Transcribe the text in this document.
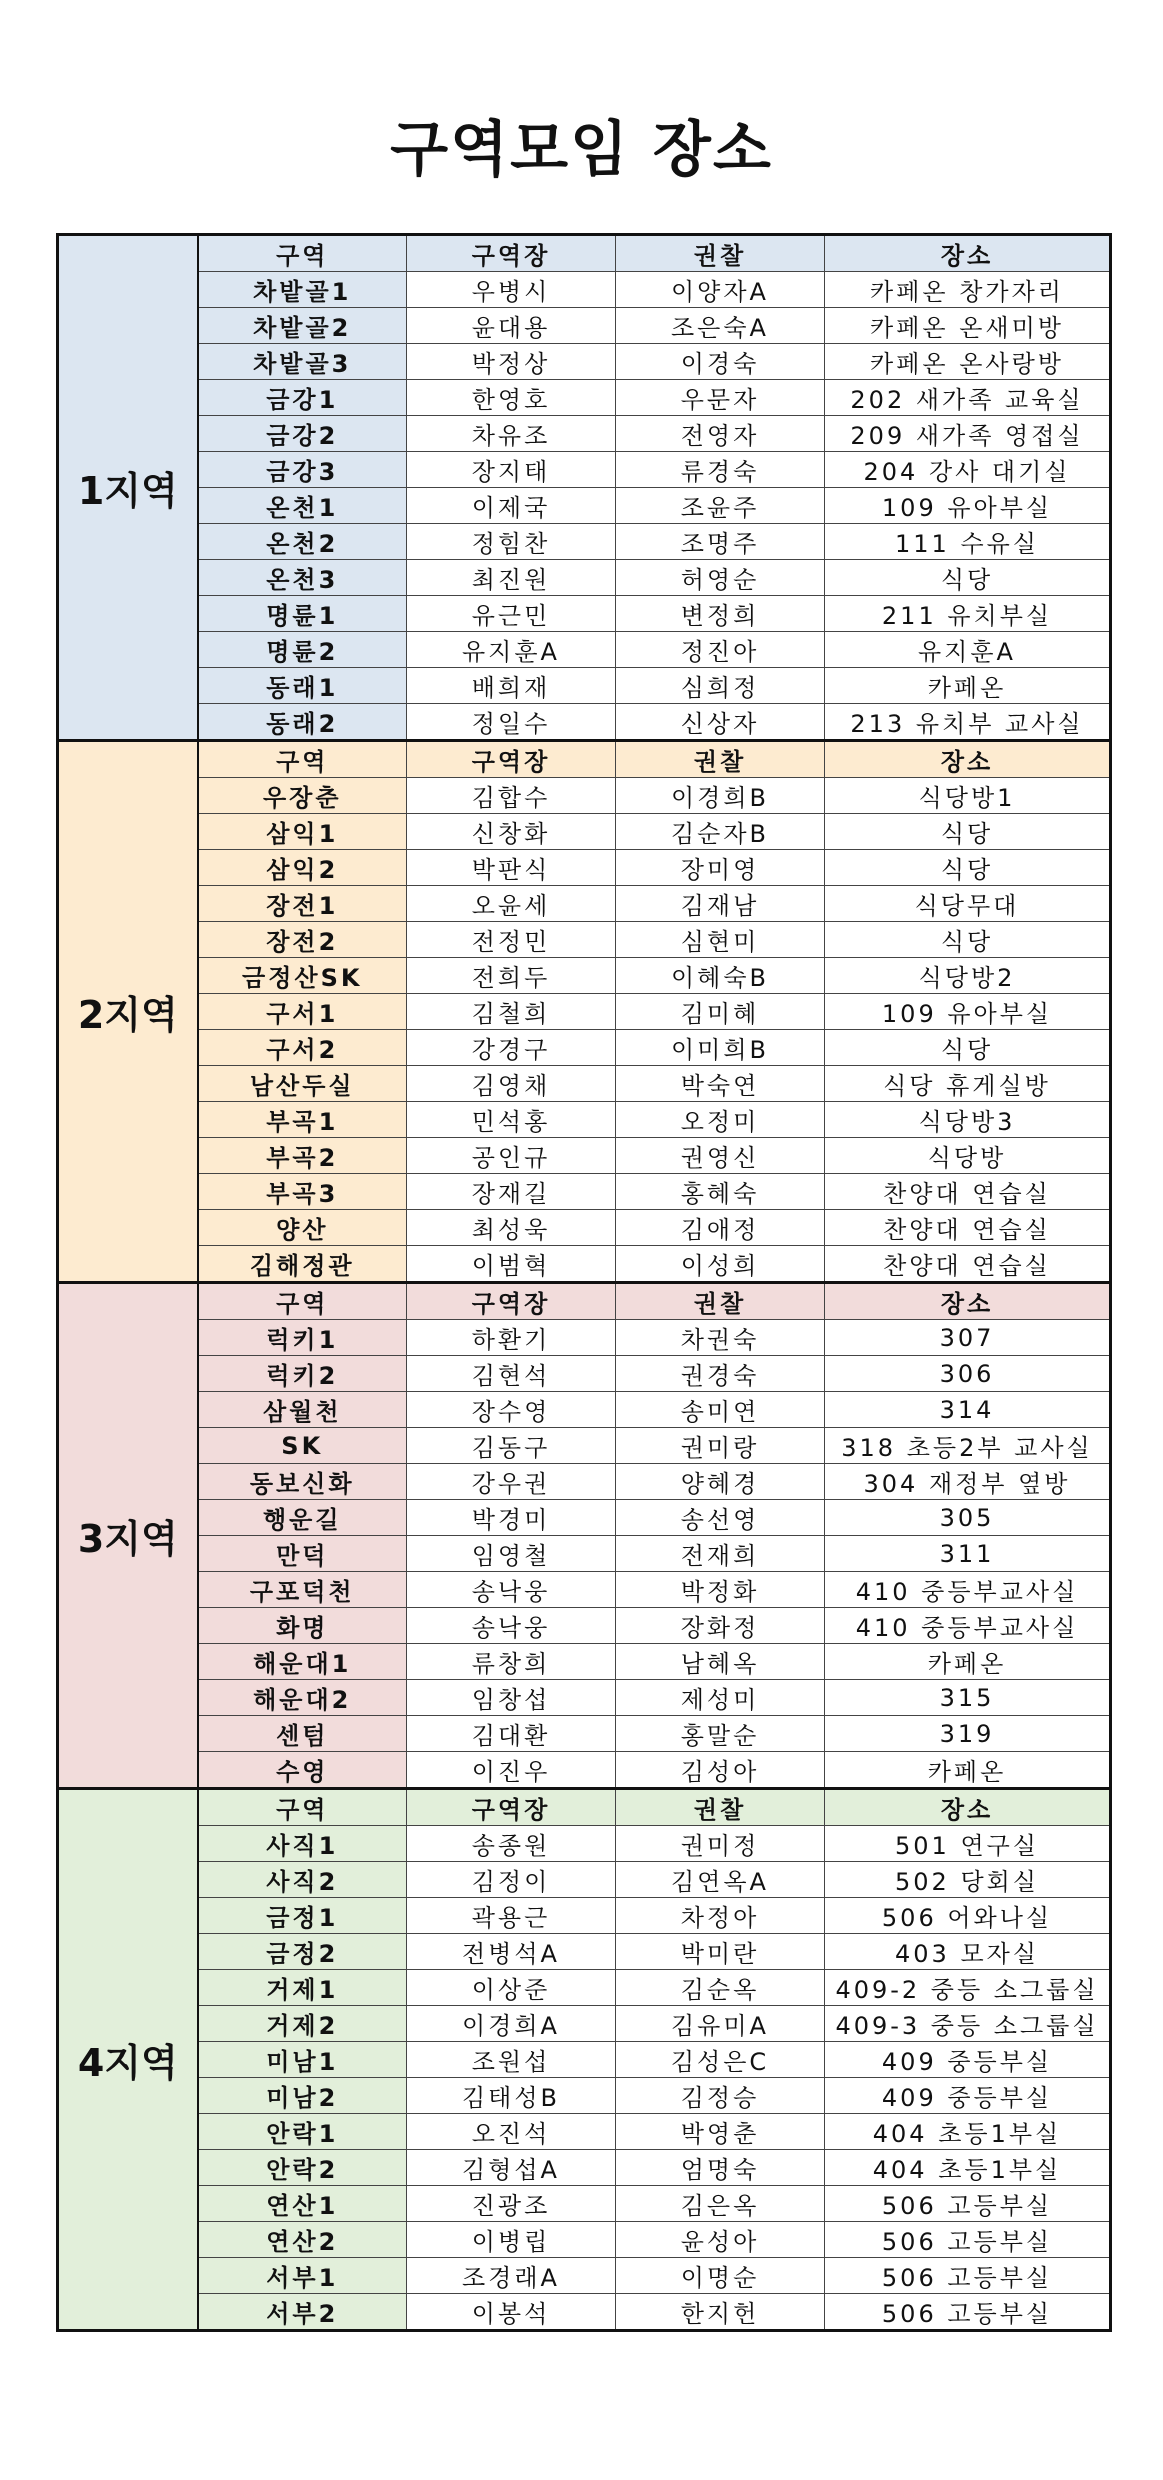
구역모임 장소
1지역	구역	구역장	권찰	장소
	차밭골1	우병시	이양자A	카페온 창가자리
	차밭골2	윤대용	조은숙A	카페온 온새미방
	차밭골3	박정상	이경숙	카페온 온사랑방
	금강1	한영호	우문자	202 새가족 교육실
	금강2	차유조	전영자	209 새가족 영접실
	금강3	장지태	류경숙	204 강사 대기실
	온천1	이제국	조윤주	109 유아부실
	온천2	정힘찬	조명주	111 수유실
	온천3	최진원	허영순	식당
	명륜1	유근민	변정희	211 유치부실
	명륜2	유지훈A	정진아	유지훈A
	동래1	배희재	심희정	카페온
	동래2	정일수	신상자	213 유치부 교사실
2지역	구역	구역장	권찰	장소
	우장춘	김합수	이경희B	식당방1
	삼익1	신창화	김순자B	식당
	삼익2	박판식	장미영	식당
	장전1	오윤세	김재남	식당무대
	장전2	전정민	심현미	식당
	금정산SK	전희두	이혜숙B	식당방2
	구서1	김철희	김미혜	109 유아부실
	구서2	강경구	이미희B	식당
	남산두실	김영채	박숙연	식당 휴게실방
	부곡1	민석홍	오정미	식당방3
	부곡2	공인규	권영신	식당방
	부곡3	장재길	홍혜숙	찬양대 연습실
	양산	최성욱	김애정	찬양대 연습실
	김해정관	이범혁	이성희	찬양대 연습실
3지역	구역	구역장	권찰	장소
	럭키1	하환기	차권숙	307
	럭키2	김현석	권경숙	306
	삼월천	장수영	송미연	314
	SK	김동구	권미랑	318 초등2부 교사실
	동보신화	강우권	양혜경	304 재정부 옆방
	행운길	박경미	송선영	305
	만덕	임영철	전재희	311
	구포덕천	송낙웅	박정화	410 중등부교사실
	화명	송낙웅	장화정	410 중등부교사실
	해운대1	류창희	남혜옥	카페온
	해운대2	임창섭	제성미	315
	센텀	김대환	홍말순	319
	수영	이진우	김성아	카페온
4지역	구역	구역장	권찰	장소
	사직1	송종원	권미정	501 연구실
	사직2	김정이	김연옥A	502 당회실
	금정1	곽용근	차정아	506 어와나실
	금정2	전병석A	박미란	403 모자실
	거제1	이상준	김순옥	409-2 중등 소그룹실
	거제2	이경희A	김유미A	409-3 중등 소그룹실
	미남1	조원섭	김성은C	409 중등부실
	미남2	김태성B	김정승	409 중등부실
	안락1	오진석	박영춘	404 초등1부실
	안락2	김형섭A	엄명숙	404 초등1부실
	연산1	진광조	김은옥	506 고등부실
	연산2	이병립	윤성아	506 고등부실
	서부1	조경래A	이명순	506 고등부실
	서부2	이봉석	한지헌	506 고등부실
